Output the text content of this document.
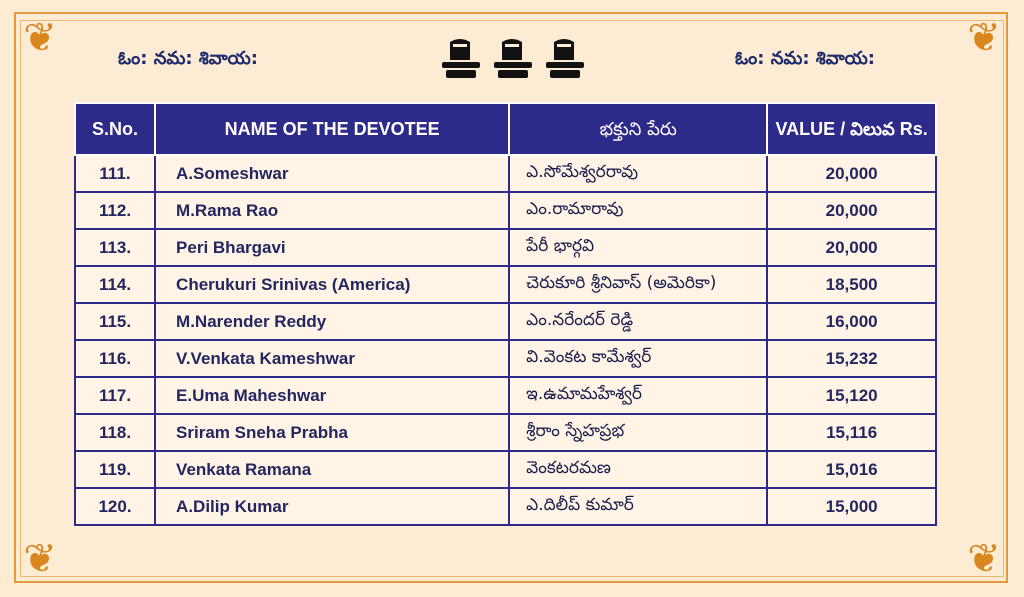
❦	❦
❦	❦
ఓం: నమ: శివాయ:	ఓం: నమ: శివాయ:
S.No.	NAME OF THE DEVOTEE	భక్తుని పేరు	VALUE / విలువ Rs.
111.	A.Someshwar	ఎ.సోమేశ్వరరావు	20,000
112.	M.Rama Rao	ఎం.రామారావు	20,000
113.	Peri Bhargavi	పేరీ భార్గవి	20,000
114.	Cherukuri Srinivas (America)	చెరుకూరి శ్రీనివాస్ (అమెరికా)	18,500
115.	M.Narender Reddy	ఎం.నరేందర్ రెడ్డి	16,000
116.	V.Venkata Kameshwar	వి.వెంకట కామేశ్వర్	15,232
117.	E.Uma Maheshwar	ఇ.ఉమామహేశ్వర్	15,120
118.	Sriram Sneha Prabha	శ్రీరాం స్నేహప్రభ	15,116
119.	Venkata Ramana	వెంకటరమణ	15,016
120.	A.Dilip Kumar	ఎ.దిలీప్ కుమార్	15,000
